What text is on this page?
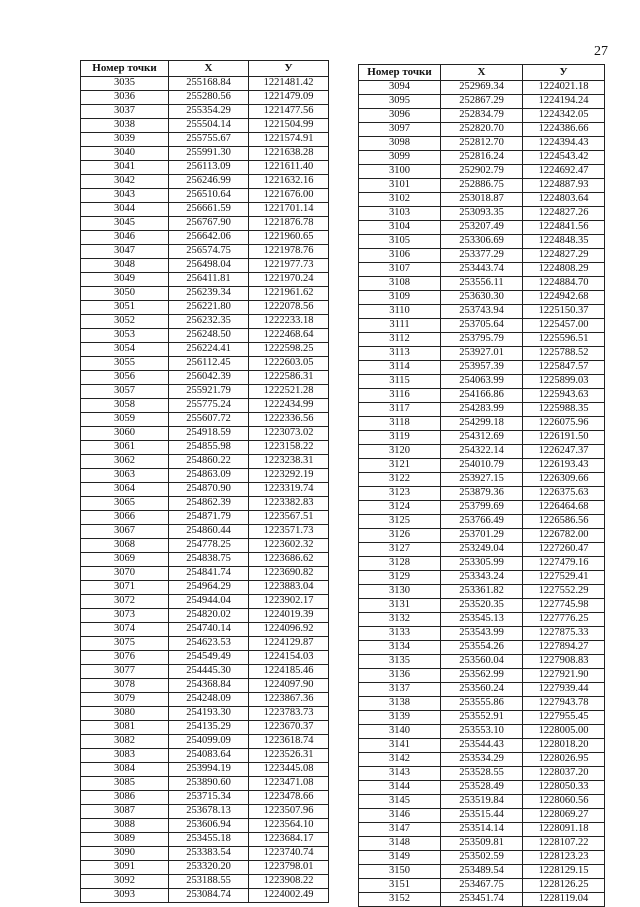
27

Номер точки	X	У
3035	255168.84	1221481.42
3036	255280.56	1221479.09
3037	255354.29	1221477.56
3038	255504.14	1221504.99
3039	255755.67	1221574.91
3040	255991.30	1221638.28
3041	256113.09	1221611.40
3042	256246.99	1221632.16
3043	256510.64	1221676.00
3044	256661.59	1221701.14
3045	256767.90	1221876.78
3046	256642.06	1221960.65
3047	256574.75	1221978.76
3048	256498.04	1221977.73
3049	256411.81	1221970.24
3050	256239.34	1221961.62
3051	256221.80	1222078.56
3052	256232.35	1222233.18
3053	256248.50	1222468.64
3054	256224.41	1222598.25
3055	256112.45	1222603.05
3056	256042.39	1222586.31
3057	255921.79	1222521.28
3058	255775.24	1222434.99
3059	255607.72	1222336.56
3060	254918.59	1223073.02
3061	254855.98	1223158.22
3062	254860.22	1223238.31
3063	254863.09	1223292.19
3064	254870.90	1223319.74
3065	254862.39	1223382.83
3066	254871.79	1223567.51
3067	254860.44	1223571.73
3068	254778.25	1223602.32
3069	254838.75	1223686.62
3070	254841.74	1223690.82
3071	254964.29	1223883.04
3072	254944.04	1223902.17
3073	254820.02	1224019.39
3074	254740.14	1224096.92
3075	254623.53	1224129.87
3076	254549.49	1224154.03
3077	254445.30	1224185.46
3078	254368.84	1224097.90
3079	254248.09	1223867.36
3080	254193.30	1223783.73
3081	254135.29	1223670.37
3082	254099.09	1223618.74
3083	254083.64	1223526.31
3084	253994.19	1223445.08
3085	253890.60	1223471.08
3086	253715.34	1223478.66
3087	253678.13	1223507.96
3088	253606.94	1223564.10
3089	253455.18	1223684.17
3090	253383.54	1223740.74
3091	253320.20	1223798.01
3092	253188.55	1223908.22
3093	253084.74	1224002.49
Номер точки	X	У
3094	252969.34	1224021.18
3095	252867.29	1224194.24
3096	252834.79	1224342.05
3097	252820.70	1224386.66
3098	252812.70	1224394.43
3099	252816.24	1224543.42
3100	252902.79	1224692.47
3101	252886.75	1224887.93
3102	253018.87	1224803.64
3103	253093.35	1224827.26
3104	253207.49	1224841.56
3105	253306.69	1224848.35
3106	253377.29	1224827.29
3107	253443.74	1224808.29
3108	253556.11	1224884.70
3109	253630.30	1224942.68
3110	253743.94	1225150.37
3111	253705.64	1225457.00
3112	253795.79	1225596.51
3113	253927.01	1225788.52
3114	253957.39	1225847.57
3115	254063.99	1225899.03
3116	254166.86	1225943.63
3117	254283.99	1225988.35
3118	254299.18	1226075.96
3119	254312.69	1226191.50
3120	254322.14	1226247.37
3121	254010.79	1226193.43
3122	253927.15	1226309.66
3123	253879.36	1226375.63
3124	253799.69	1226464.68
3125	253766.49	1226586.56
3126	253701.29	1226782.00
3127	253249.04	1227260.47
3128	253305.99	1227479.16
3129	253343.24	1227529.41
3130	253361.82	1227552.29
3131	253520.35	1227745.98
3132	253545.13	1227776.25
3133	253543.99	1227875.33
3134	253554.26	1227894.27
3135	253560.04	1227908.83
3136	253562.99	1227921.90
3137	253560.24	1227939.44
3138	253555.86	1227943.78
3139	253552.91	1227955.45
3140	253553.10	1228005.00
3141	253544.43	1228018.20
3142	253534.29	1228026.95
3143	253528.55	1228037.20
3144	253528.49	1228050.33
3145	253519.84	1228060.56
3146	253515.44	1228069.27
3147	253514.14	1228091.18
3148	253509.81	1228107.22
3149	253502.59	1228123.23
3150	253489.54	1228129.15
3151	253467.75	1228126.25
3152	253451.74	1228119.04
